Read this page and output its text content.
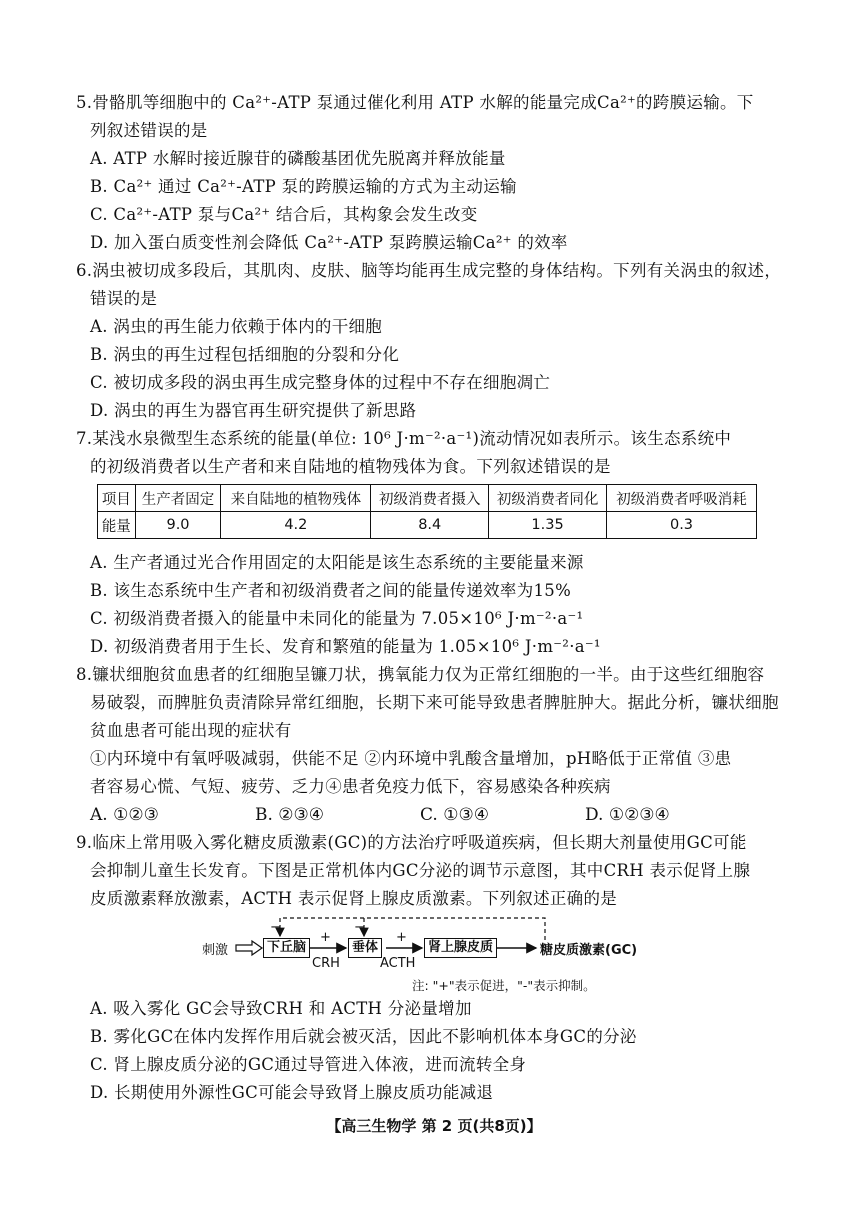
5.骨骼肌等细胞中的 Ca²⁺-ATP 泵通过催化利用 ATP 水解的能量完成Ca²⁺的跨膜运输。下
列叙述错误的是
A. ATP 水解时接近腺苷的磷酸基团优先脱离并释放能量
B. Ca²⁺ 通过 Ca²⁺-ATP 泵的跨膜运输的方式为主动运输
C. Ca²⁺-ATP 泵与Ca²⁺ 结合后，其构象会发生改变
D. 加入蛋白质变性剂会降低 Ca²⁺-ATP 泵跨膜运输Ca²⁺ 的效率
6.涡虫被切成多段后，其肌肉、皮肤、脑等均能再生成完整的身体结构。下列有关涡虫的叙述，
错误的是
A. 涡虫的再生能力依赖于体内的干细胞
B. 涡虫的再生过程包括细胞的分裂和分化
C. 被切成多段的涡虫再生成完整身体的过程中不存在细胞凋亡
D. 涡虫的再生为器官再生研究提供了新思路
7.某浅水泉微型生态系统的能量(单位: 10⁶ J·m⁻²·a⁻¹)流动情况如表所示。该生态系统中
的初级消费者以生产者和来自陆地的植物残体为食。下列叙述错误的是
项目	生产者固定	来自陆地的植物残体	初级消费者摄入	初级消费者同化	初级消费者呼吸消耗
能量	9.0	4.2	8.4	1.35	0.3
A. 生产者通过光合作用固定的太阳能是该生态系统的主要能量来源
B. 该生态系统中生产者和初级消费者之间的能量传递效率为15%
C. 初级消费者摄入的能量中未同化的能量为 7.05×10⁶ J·m⁻²·a⁻¹
D. 初级消费者用于生长、发育和繁殖的能量为 1.05×10⁶ J·m⁻²·a⁻¹
8.镰状细胞贫血患者的红细胞呈镰刀状，携氧能力仅为正常红细胞的一半。由于这些红细胞容
易破裂，而脾脏负责清除异常红细胞，长期下来可能导致患者脾脏肿大。据此分析，镰状细胞
贫血患者可能出现的症状有
①内环境中有氧呼吸减弱，供能不足 ②内环境中乳酸含量增加，pH略低于正常值 ③患
者容易心慌、气短、疲劳、乏力④患者免疫力低下，容易感染各种疾病
A. ①②③	B. ②③④	C. ①③④	D. ①②③④
9.临床上常用吸入雾化糖皮质激素(GC)的方法治疗呼吸道疾病，但长期大剂量使用GC可能
会抑制儿童生长发育。下图是正常机体内GC分泌的调节示意图，其中CRH 表示促肾上腺
皮质激素释放激素，ACTH 表示促肾上腺皮质激素。下列叙述正确的是
刺激	下丘脑	垂体	肾上腺皮质	糖皮质激素(GC)
+	+
−	−
CRH	ACTH
注: "+"表示促进，"-"表示抑制。
A. 吸入雾化 GC会导致CRH 和 ACTH 分泌量增加
B. 雾化GC在体内发挥作用后就会被灭活，因此不影响机体本身GC的分泌
C. 肾上腺皮质分泌的GC通过导管进入体液，进而流转全身
D. 长期使用外源性GC可能会导致肾上腺皮质功能减退
【高三生物学 第 2 页(共8页)】
